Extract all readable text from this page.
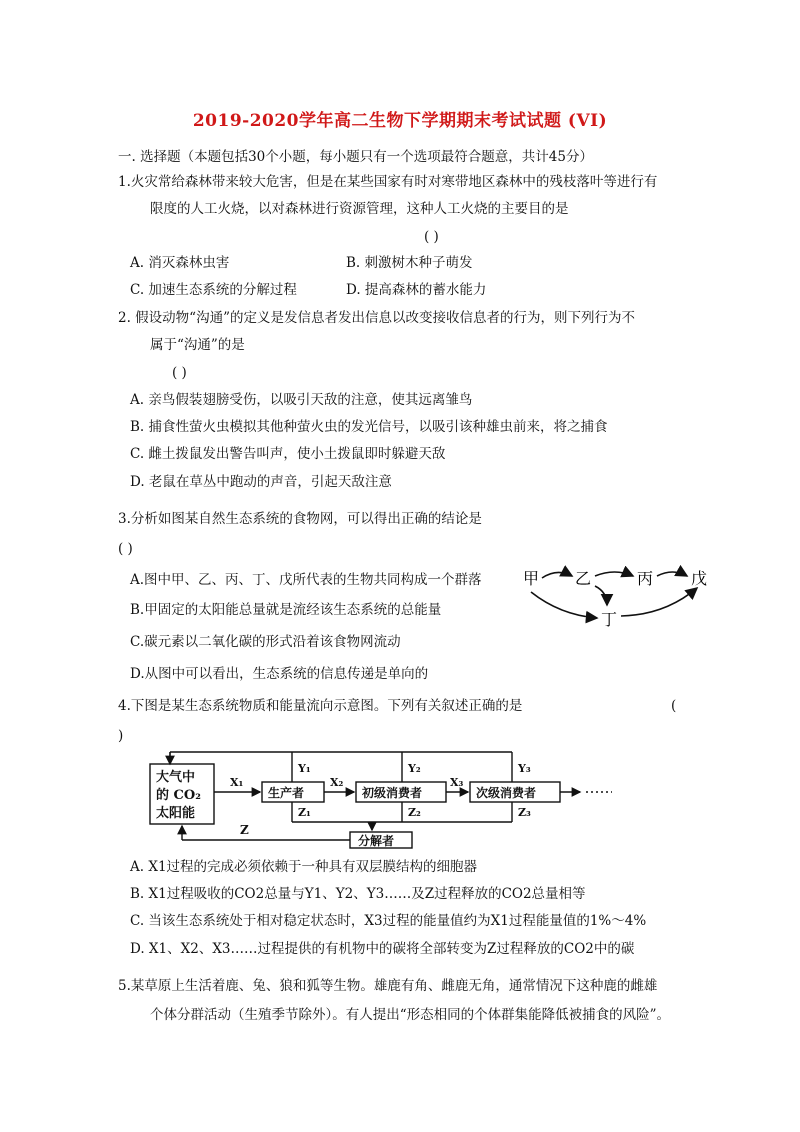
2019-2020学年高二生物下学期期末考试试题 (VI)
一. 选择题（本题包括30个小题，每小题只有一个选项最符合题意，共计45分）
1.火灾常给森林带来较大危害，但是在某些国家有时对寒带地区森林中的残枝落叶等进行有
限度的人工火烧，以对森林进行资源管理，这种人工火烧的主要目的是
( )
A. 消灭森林虫害	B. 刺激树木种子萌发
C. 加速生态系统的分解过程	D. 提高森林的蓄水能力
2. 假设动物“沟通”的定义是发信息者发出信息以改变接收信息者的行为，则下列行为不
属于“沟通”的是
( )
A. 亲鸟假装翅膀受伤，以吸引天敌的注意，使其远离雏鸟
B. 捕食性萤火虫模拟其他种萤火虫的发光信号，以吸引该种雄虫前来，将之捕食
C. 雌土拨鼠发出警告叫声，使小土拨鼠即时躲避天敌
D. 老鼠在草丛中跑动的声音，引起天敌注意
3.分析如图某自然生态系统的食物网，可以得出正确的结论是
( )
A.图中甲、乙、丙、丁、戊所代表的生物共同构成一个群落
B.甲固定的太阳能总量就是流经该生态系统的总能量
C.碳元素以二氧化碳的形式沿着该食物网流动
D.从图中可以看出，生态系统的信息传递是单向的
甲 乙	丙 戊
丁
4.下图是某生态系统物质和能量流向示意图。下列有关叙述正确的是	(
)
大气中
的 CO₂
太阳能
X₁
生产者
X₂
初级消费者
X₃
次级消费者
Y₁	Y₂	Y₃
Z₁	Z₂	Z₃
分解者
Z
A. X1过程的完成必须依赖于一种具有双层膜结构的细胞器
B. X1过程吸收的CO2总量与Y1、Y2、Y3……及Z过程释放的CO2总量相等
C. 当该生态系统处于相对稳定状态时，X3过程的能量值约为X1过程能量值的1%～4%
D. X1、X2、X3……过程提供的有机物中的碳将全部转变为Z过程释放的CO2中的碳
5.某草原上生活着鹿、兔、狼和狐等生物。雄鹿有角、雌鹿无角，通常情况下这种鹿的雌雄
个体分群活动（生殖季节除外）。有人提出“形态相同的个体群集能降低被捕食的风险”。
